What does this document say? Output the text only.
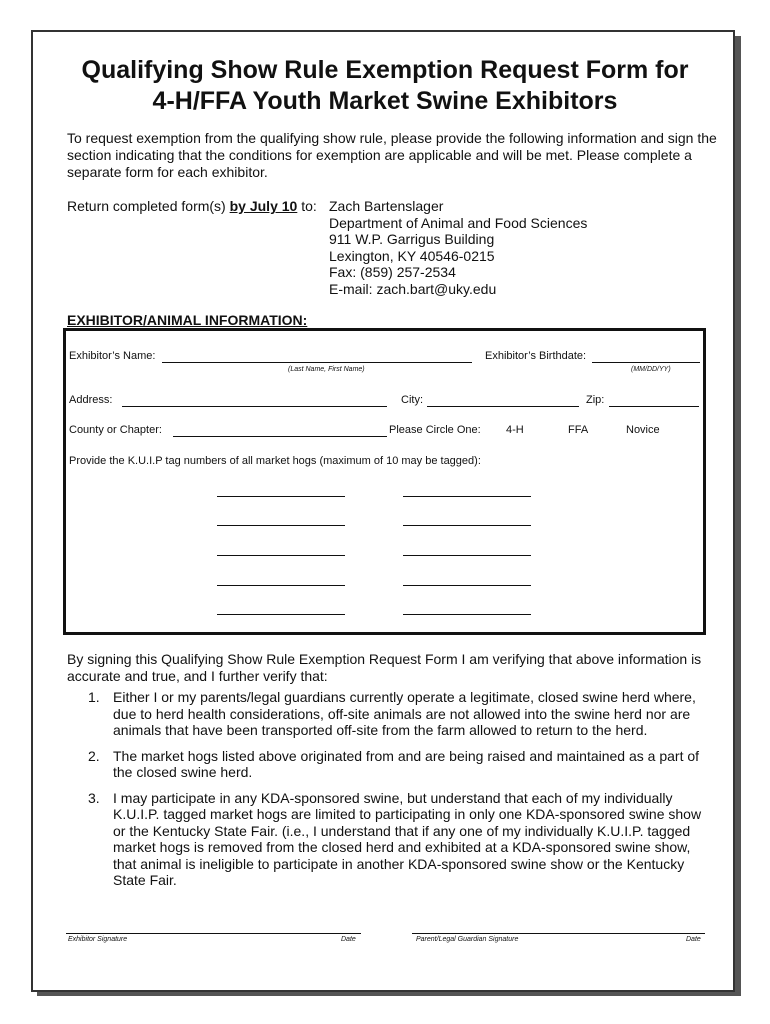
Qualifying Show Rule Exemption Request Form for
4-H/FFA Youth Market Swine Exhibitors

To request exemption from the qualifying show rule, please provide the following information and sign the section indicating that the conditions for exemption are applicable and will be met. Please complete a separate form for each exhibitor.

Return completed form(s) by July 10 to: Zach Bartenslager
Department of Animal and Food Sciences
911 W.P. Garrigus Building
Lexington, KY 40546-0215
Fax: (859) 257-2534
E-mail: zach.bart@uky.edu
EXHIBITOR/ANIMAL INFORMATION:
Exhibitor’s Name:
(Last Name, First Name)
Exhibitor’s Birthdate:
(MM/DD/YY)
Address:	City:	Zip:
County or Chapter:	Please Circle One: 4-H	FFA	Novice
Provide the K.U.I.P tag numbers of all market hogs (maximum of 10 may be tagged):

By signing this Qualifying Show Rule Exemption Request Form I am verifying that above information is accurate and true, and I further verify that:

1. Either I or my parents/legal guardians currently operate a legitimate, closed swine herd where, due to herd health considerations, off-site animals are not allowed into the swine herd nor are animals that have been transported off-site from the farm allowed to return to the herd.
2. The market hogs listed above originated from and are being raised and maintained as a part of the closed swine herd.
3. I may participate in any KDA-sponsored swine, but understand that each of my individually K.U.I.P. tagged market hogs are limited to participating in only one KDA-sponsored swine show or the Kentucky State Fair. (i.e., I understand that if any one of my individually K.U.I.P. tagged market hogs is removed from the closed herd and exhibited at a KDA-sponsored swine show, that animal is ineligible to participate in another KDA-sponsored swine show or the Kentucky State Fair.
Exhibitor Signature	Date	Parent/Legal Guardian Signature	Date
